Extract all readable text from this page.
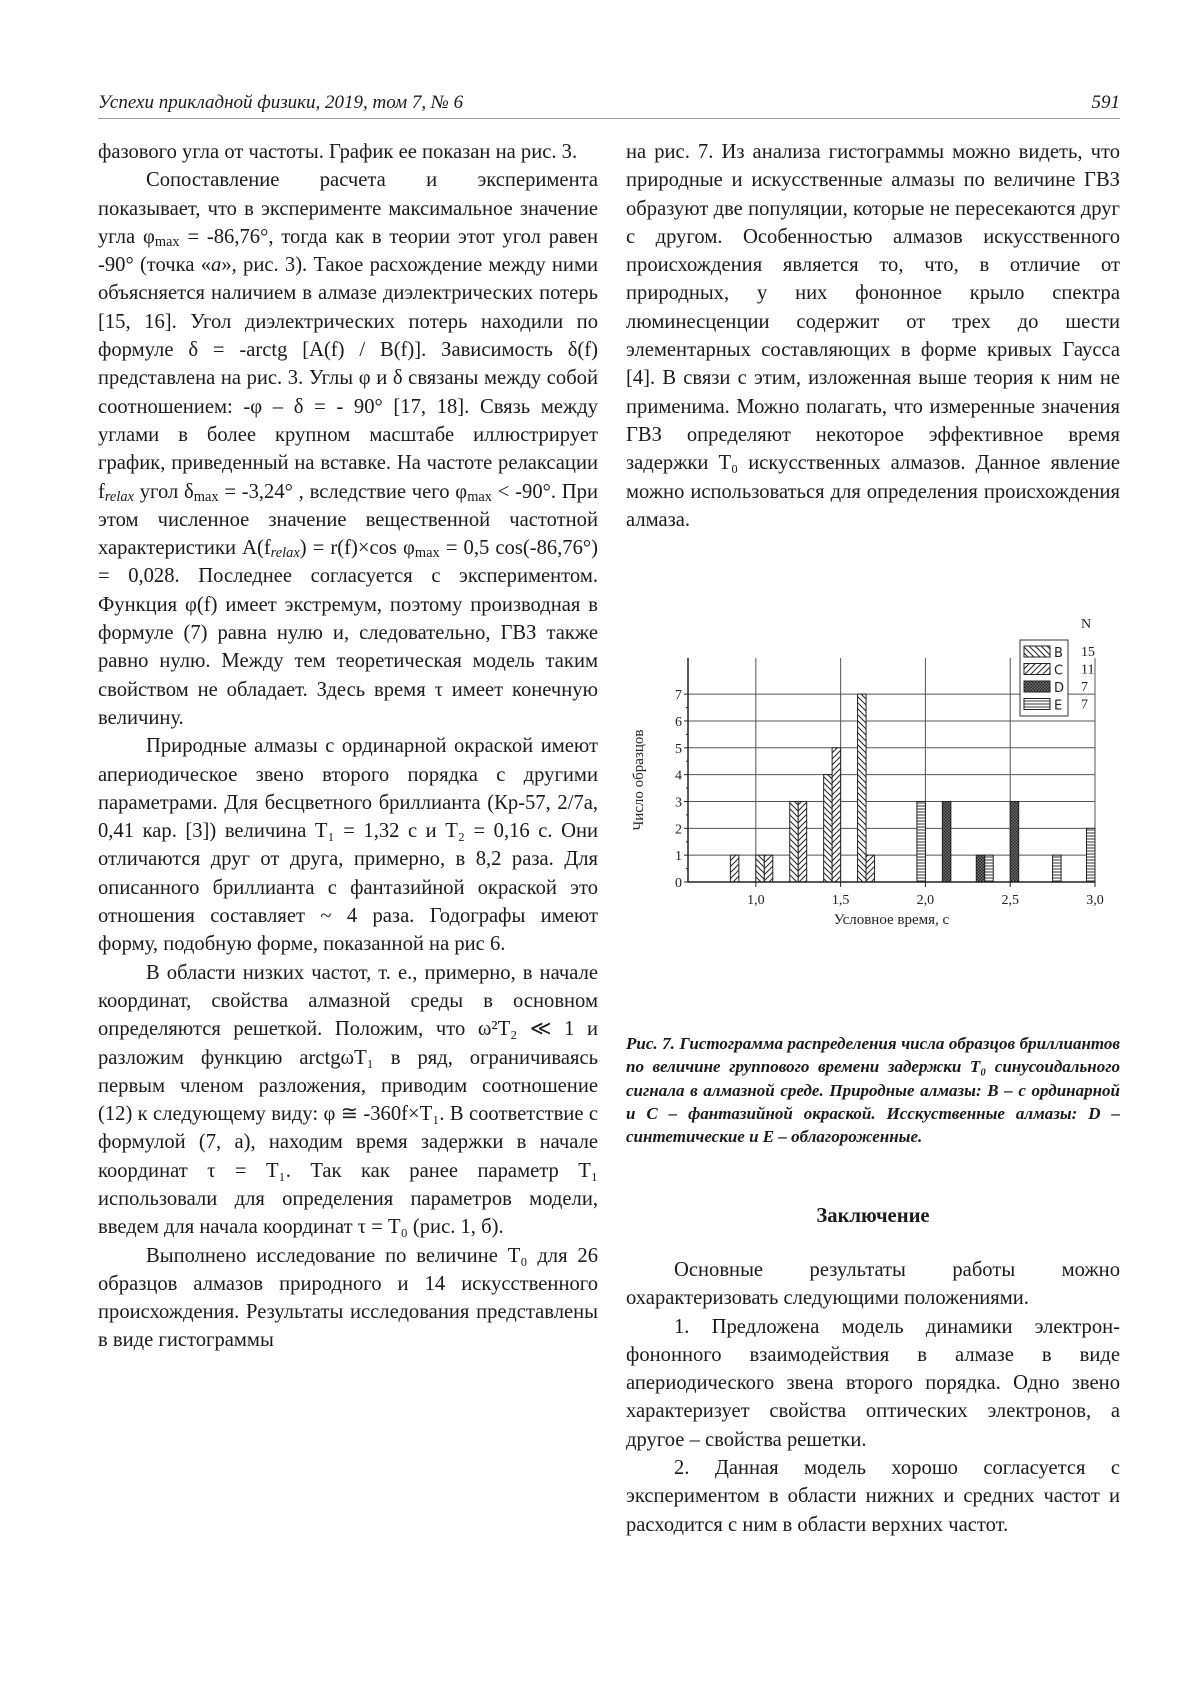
Успехи прикладной физики, 2019, том 7, № 6	591

фазового угла от частоты. График ее показан на рис. 3.

Сопоставление расчета и эксперимента показывает, что в эксперименте максимальное значение угла $\varphi_{max} = -86,76^\circ$, тогда как в теории этот угол равен -90° (точка «a», рис. 3). Такое расхождение между ними объясняется наличием в алмазе диэлектрических потерь [15, 16]. Угол диэлектрических потерь находили по формуле δ = -arctg [A(f) / B(f)]. Зависимость δ(f) представлена на рис. 3. Углы φ и δ связаны между собой соотношением: -φ – δ = - 90° [17, 18]. Связь между углами в более крупном масштабе иллюстрирует график, приведенный на вставке. На частоте релаксации $f_{relax}$ угол $\delta_{max} = -3,24^\circ$ , вследствие чего $\varphi_{max} < -90^\circ$. При этом численное значение вещественной частотной характеристики $A(f_{relax}) = r(f)\times\cos$ $\varphi_{max} = 0,5$ cos(-86,76°) = 0,028. Последнее согласуется с экспериментом. Функция φ(f) имеет экстремум, поэтому производная в формуле (7) равна нулю и, следовательно, ГВЗ также равно нулю. Между тем теоретическая модель таким свойством не обладает. Здесь время τ имеет конечную величину.

Природные алмазы с ординарной окраской имеют апериодическое звено второго порядка с другими параметрами. Для бесцветного бриллианта (Кр-57, 2/7а, 0,41 кар. [3]) величина T₁ = 1,32 с и T₂ = 0,16 с. Они отличаются друг от друга, примерно, в 8,2 раза. Для описанного бриллианта с фантазийной окраской это отношения составляет ~ 4 раза. Годографы имеют форму, подобную форме, показанной на рис 6.

В области низких частот, т. е., примерно, в начале координат, свойства алмазной среды в основном определяются решеткой. Положим, что ω²T₂ ≪ 1 и разложим функцию arctgωT₁ в ряд, ограничиваясь первым членом разложения, приводим соотношение (12) к следующему виду: φ ≅ -360f×T₁. В соответствие с формулой (7, а), находим время задержки в начале координат τ = T₁. Так как ранее параметр T₁ использовали для определения параметров модели, введем для начала координат τ = T₀ (рис. 1, б).

Выполнено исследование по величине T₀ для 26 образцов алмазов природного и 14 искусственного происхождения. Результаты исследования представлены в виде гистограммы

на рис. 7. Из анализа гистограммы можно видеть, что природные и искусственные алмазы по величине ГВЗ образуют две популяции, которые не пересекаются друг с другом. Особенностью алмазов искусственного происхождения является то, что, в отличие от природных, у них фононное крыло спектра люминесценции содержит от трех до шести элементарных составляющих в форме кривых Гаусса [4]. В связи с этим, изложенная выше теория к ним не применима. Можно полагать, что измеренные значения ГВЗ определяют некоторое эффективное время задержки T₀ искусственных алмазов. Данное явление можно использоваться для определения происхождения алмаза.

0
1
2
3
4
5
6
7
1,0	1,5	2,0	2,5	3,0
Условное время, с
Число образцов
N
B 15
C 11
D 7
E 7
Рис. 7. Гистограмма распределения числа образцов бриллиантов по величине группового времени задержки T₀ синусоидального сигнала в алмазной среде. Природные алмазы: B – с ординарной и C – фантазийной окраской. Исскуственные алмазы: D – синтетические и E – облагороженные.
Заключение

Основные результаты работы можно охарактеризовать следующими положениями.

1. Предложена модель динамики электрон-фононного взаимодействия в алмазе в виде апериодического звена второго порядка. Одно звено характеризует свойства оптических электронов, а другое – свойства решетки.

2. Данная модель хорошо согласуется с экспериментом в области нижних и средних частот и расходится с ним в области верхних частот.
